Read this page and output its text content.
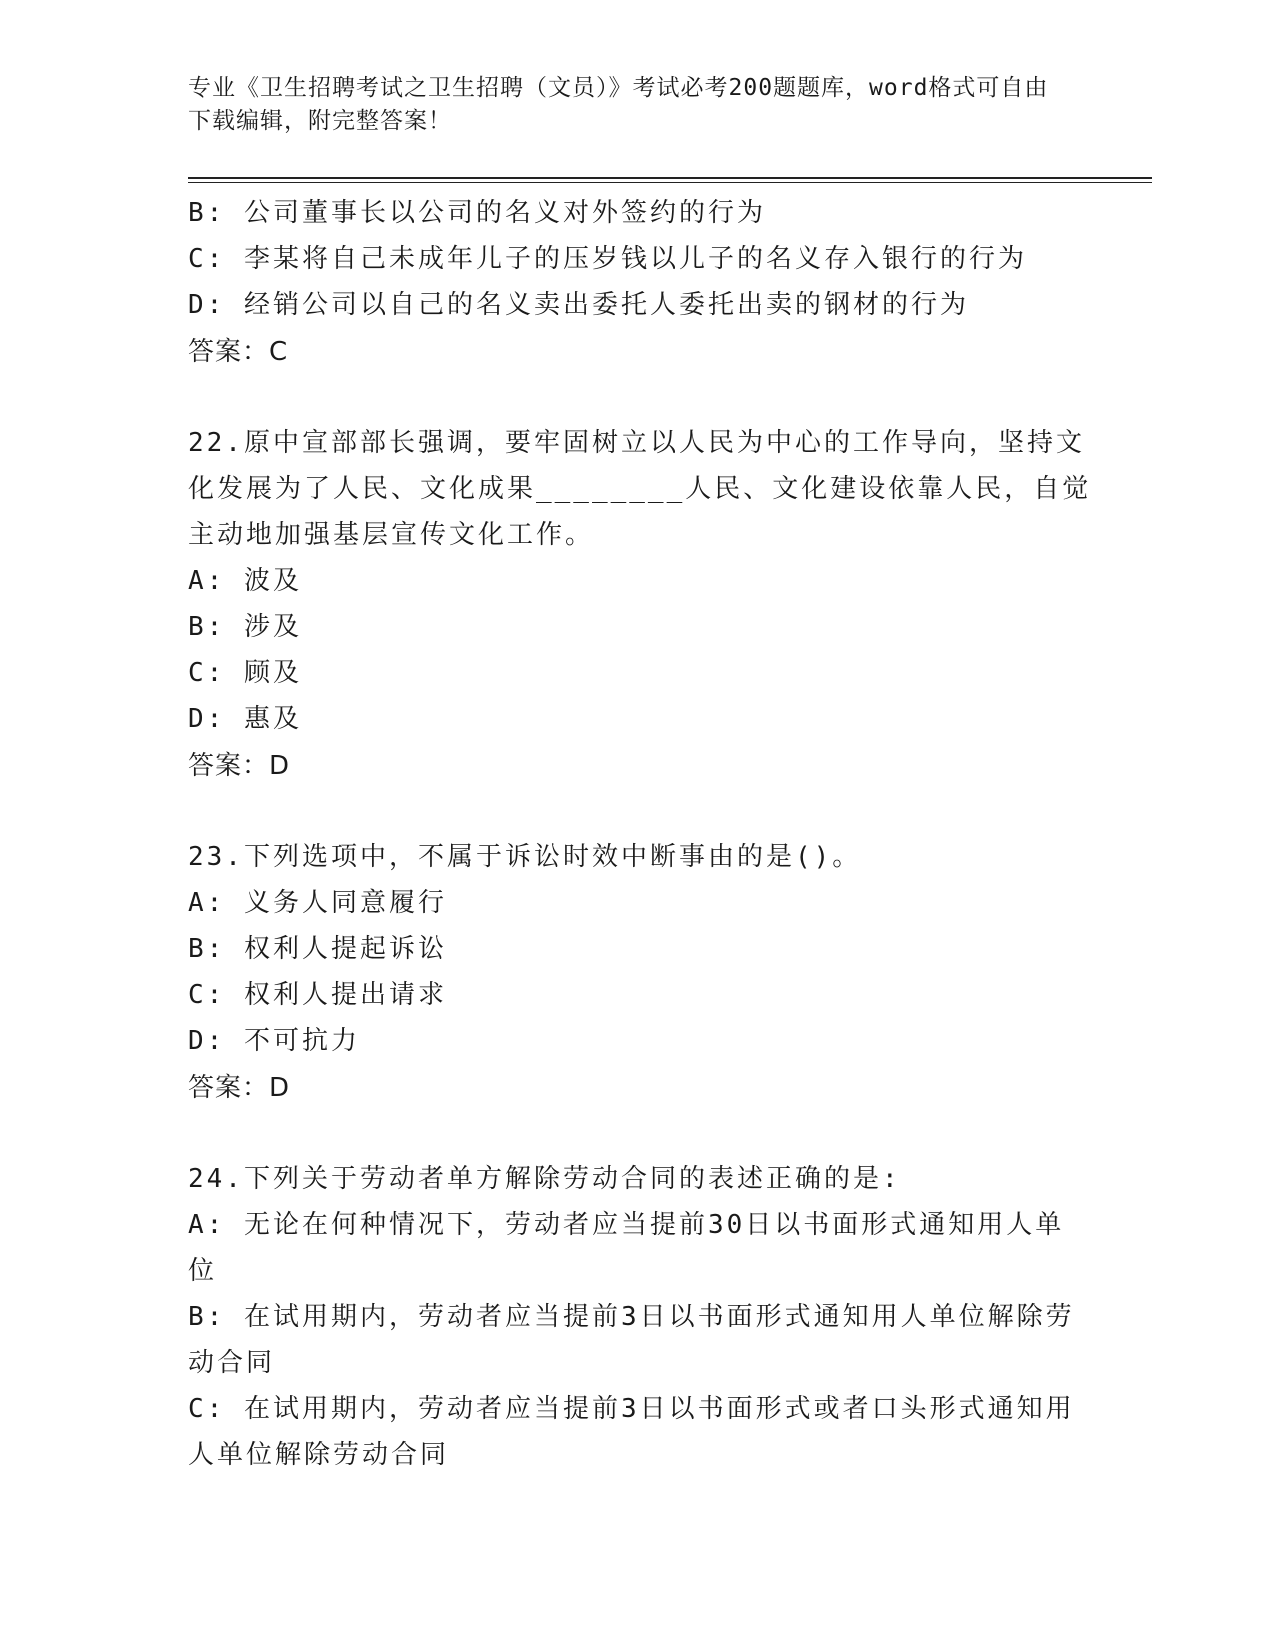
专业《卫生招聘考试之卫生招聘（文员）》考试必考200题题库，word格式可自由下载编辑，附完整答案！
B: 公司董事长以公司的名义对外签约的行为
C: 李某将自己未成年儿子的压岁钱以儿子的名义存入银行的行为
D: 经销公司以自己的名义卖出委托人委托出卖的钢材的行为
答案：C
22.原中宣部部长强调，要牢固树立以人民为中心的工作导向，坚持文
化发展为了人民、文化成果________人民、文化建设依靠人民，自觉
主动地加强基层宣传文化工作。
A: 波及
B: 涉及
C: 顾及
D: 惠及
答案：D
23.下列选项中，不属于诉讼时效中断事由的是()。
A: 义务人同意履行
B: 权利人提起诉讼
C: 权利人提出请求
D: 不可抗力
答案：D
24.下列关于劳动者单方解除劳动合同的表述正确的是:
A: 无论在何种情况下，劳动者应当提前30日以书面形式通知用人单
位
B: 在试用期内，劳动者应当提前3日以书面形式通知用人单位解除劳
动合同
C: 在试用期内，劳动者应当提前3日以书面形式或者口头形式通知用
人单位解除劳动合同
